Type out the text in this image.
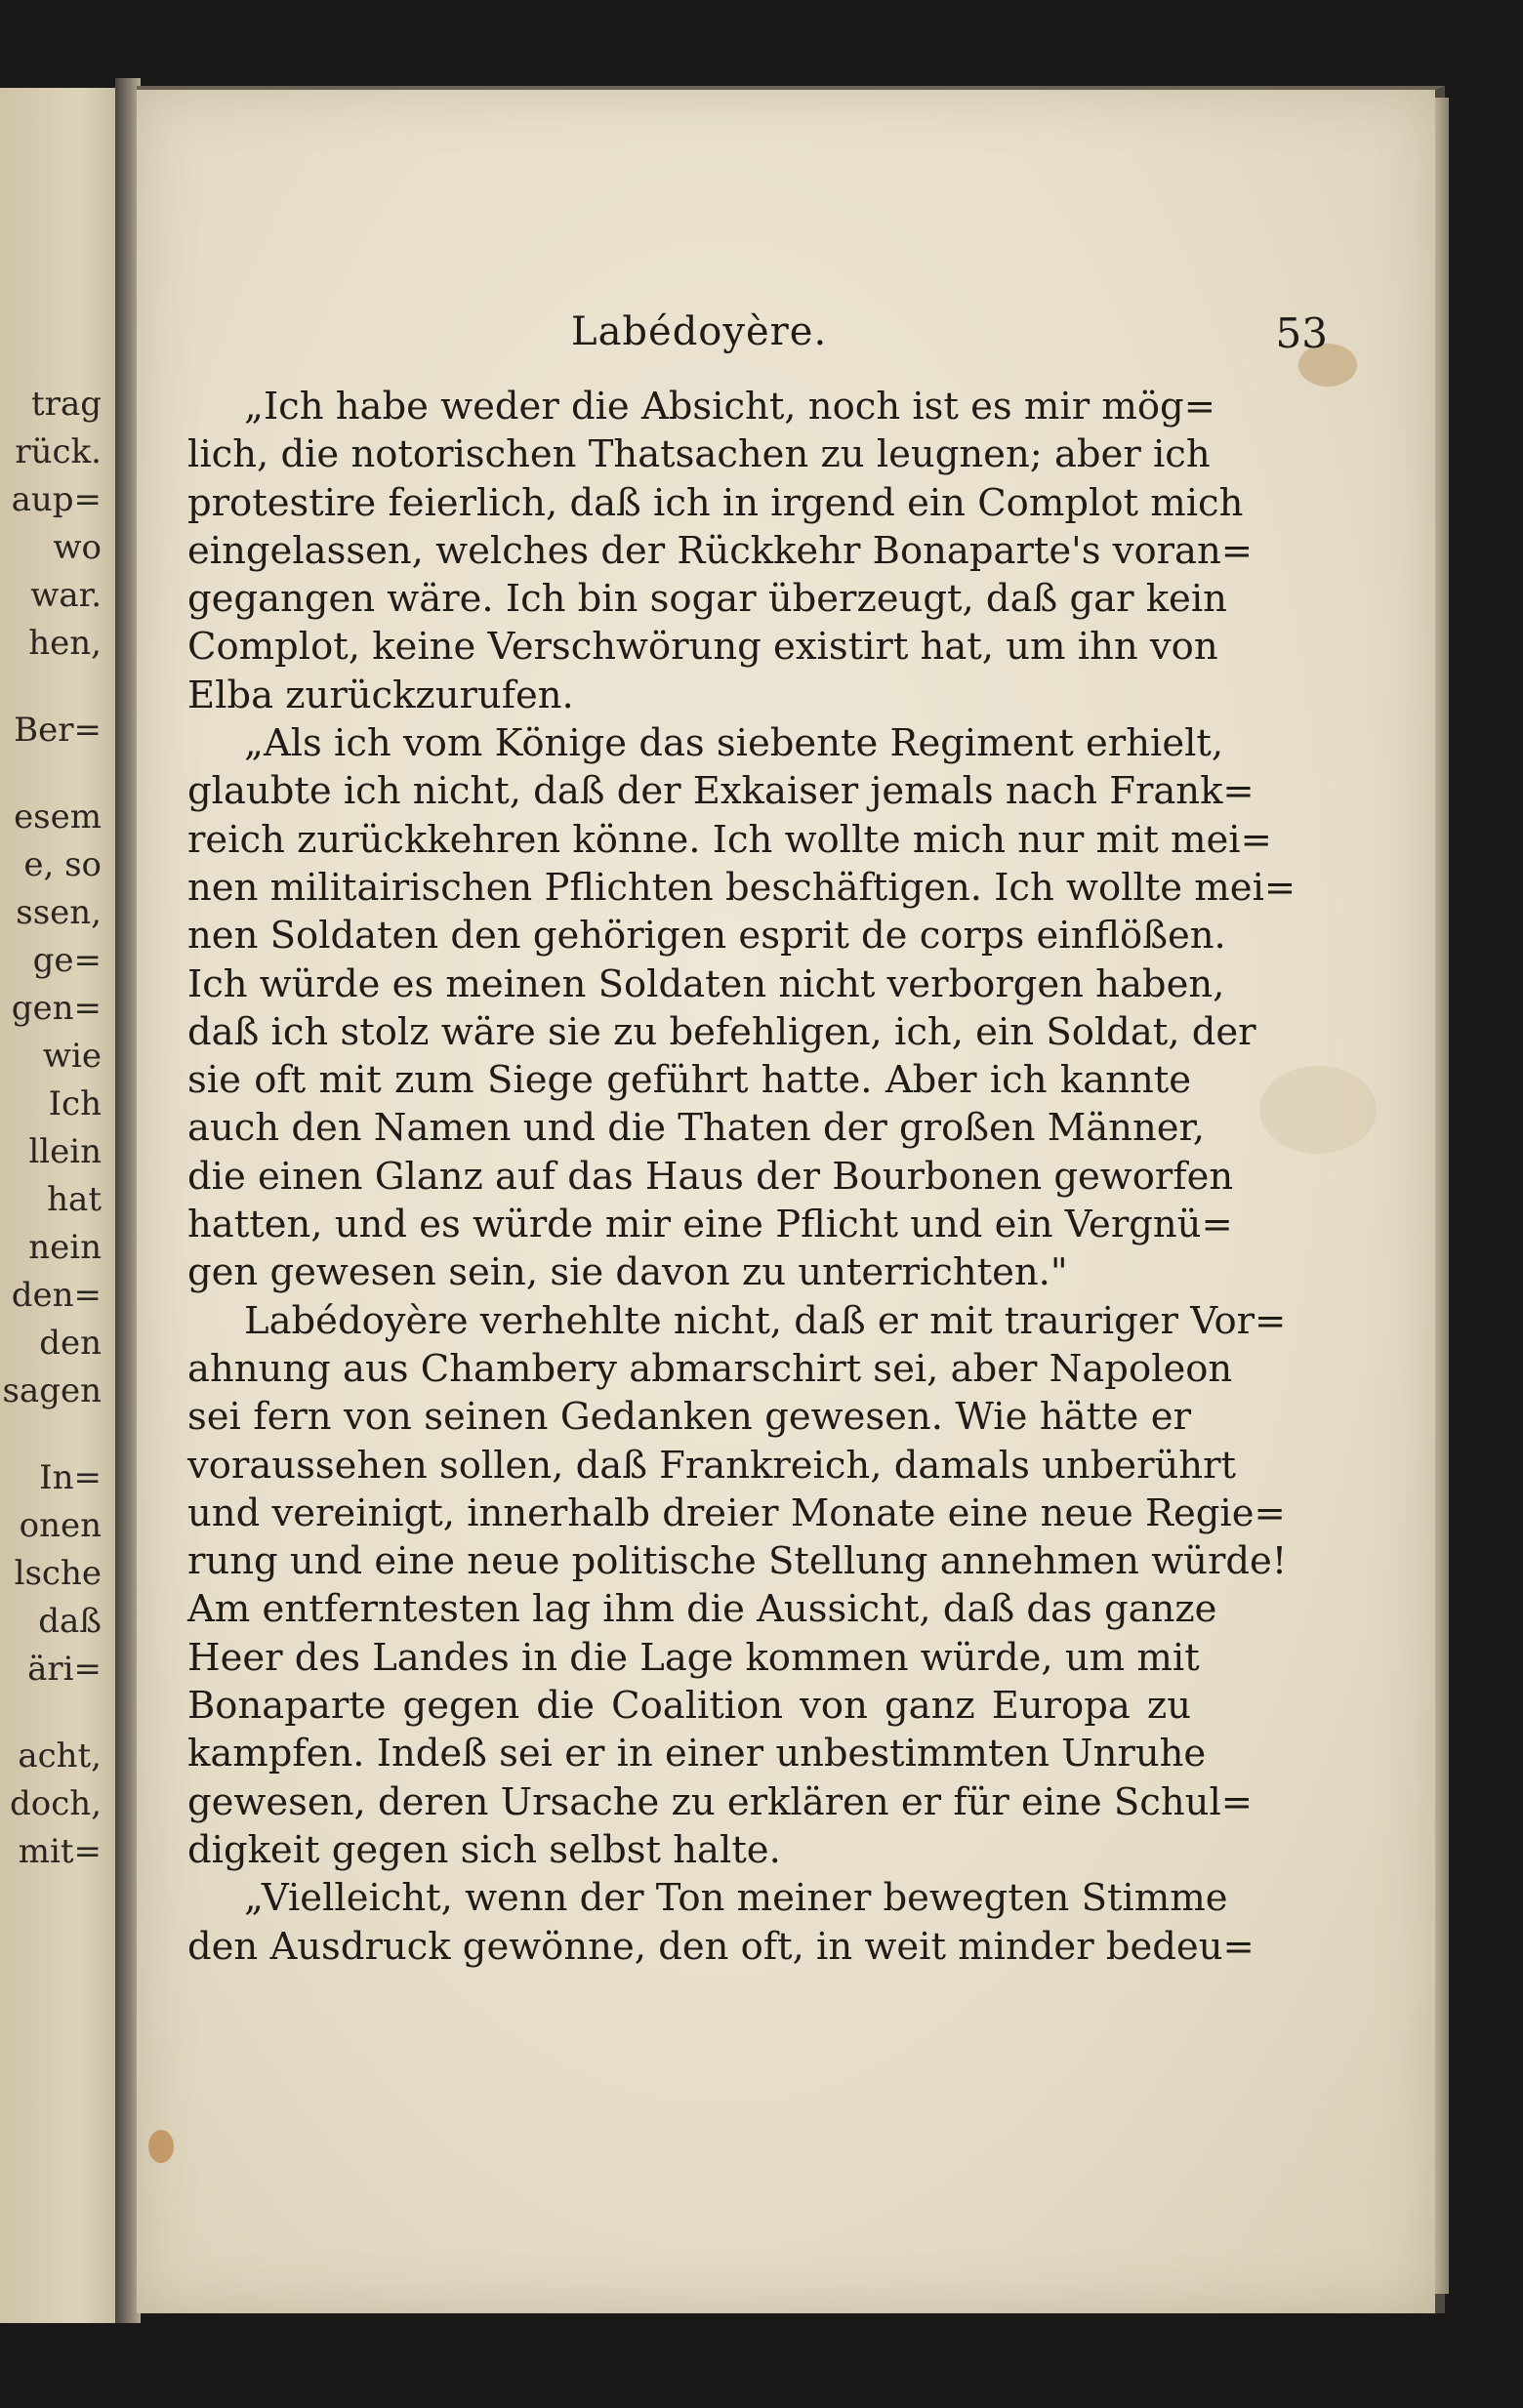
trag
rück.
aup=
wo
war.
hen,
Ber=
esem
e, so
ssen,
ge=
gen=
wie
Ich
llein
hat
nein
den=
den
sagen
In=
onen
lsche
daß
äri=
acht,
doch,
mit=
Labédoyère.	53
„Ich habe weder die Absicht, noch ist es mir mög=
lich, die notorischen Thatsachen zu leugnen; aber ich
protestire feierlich, daß ich in irgend ein Complot mich
eingelassen, welches der Rückkehr Bonaparte's voran=
gegangen wäre. Ich bin sogar überzeugt, daß gar kein
Complot, keine Verschwörung existirt hat, um ihn von
Elba zurückzurufen.
„Als ich vom Könige das siebente Regiment erhielt,
glaubte ich nicht, daß der Exkaiser jemals nach Frank=
reich zurückkehren könne. Ich wollte mich nur mit mei=
nen militairischen Pflichten beschäftigen. Ich wollte mei=
nen Soldaten den gehörigen esprit de corps einflößen.
Ich würde es meinen Soldaten nicht verborgen haben,
daß ich stolz wäre sie zu befehligen, ich, ein Soldat, der
sie oft mit zum Siege geführt hatte. Aber ich kannte
auch den Namen und die Thaten der großen Männer,
die einen Glanz auf das Haus der Bourbonen geworfen
hatten, und es würde mir eine Pflicht und ein Vergnü=
gen gewesen sein, sie davon zu unterrichten."
Labédoyère verhehlte nicht, daß er mit trauriger Vor=
ahnung aus Chambery abmarschirt sei, aber Napoleon
sei fern von seinen Gedanken gewesen. Wie hätte er
voraussehen sollen, daß Frankreich, damals unberührt
und vereinigt, innerhalb dreier Monate eine neue Regie=
rung und eine neue politische Stellung annehmen würde!
Am entferntesten lag ihm die Aussicht, daß das ganze
Heer des Landes in die Lage kommen würde, um mit
Bonaparte gegen die Coalition von ganz Europa zu
kampfen. Indeß sei er in einer unbestimmten Unruhe
gewesen, deren Ursache zu erklären er für eine Schul=
digkeit gegen sich selbst halte.
„Vielleicht, wenn der Ton meiner bewegten Stimme
den Ausdruck gewönne, den oft, in weit minder bedeu=
